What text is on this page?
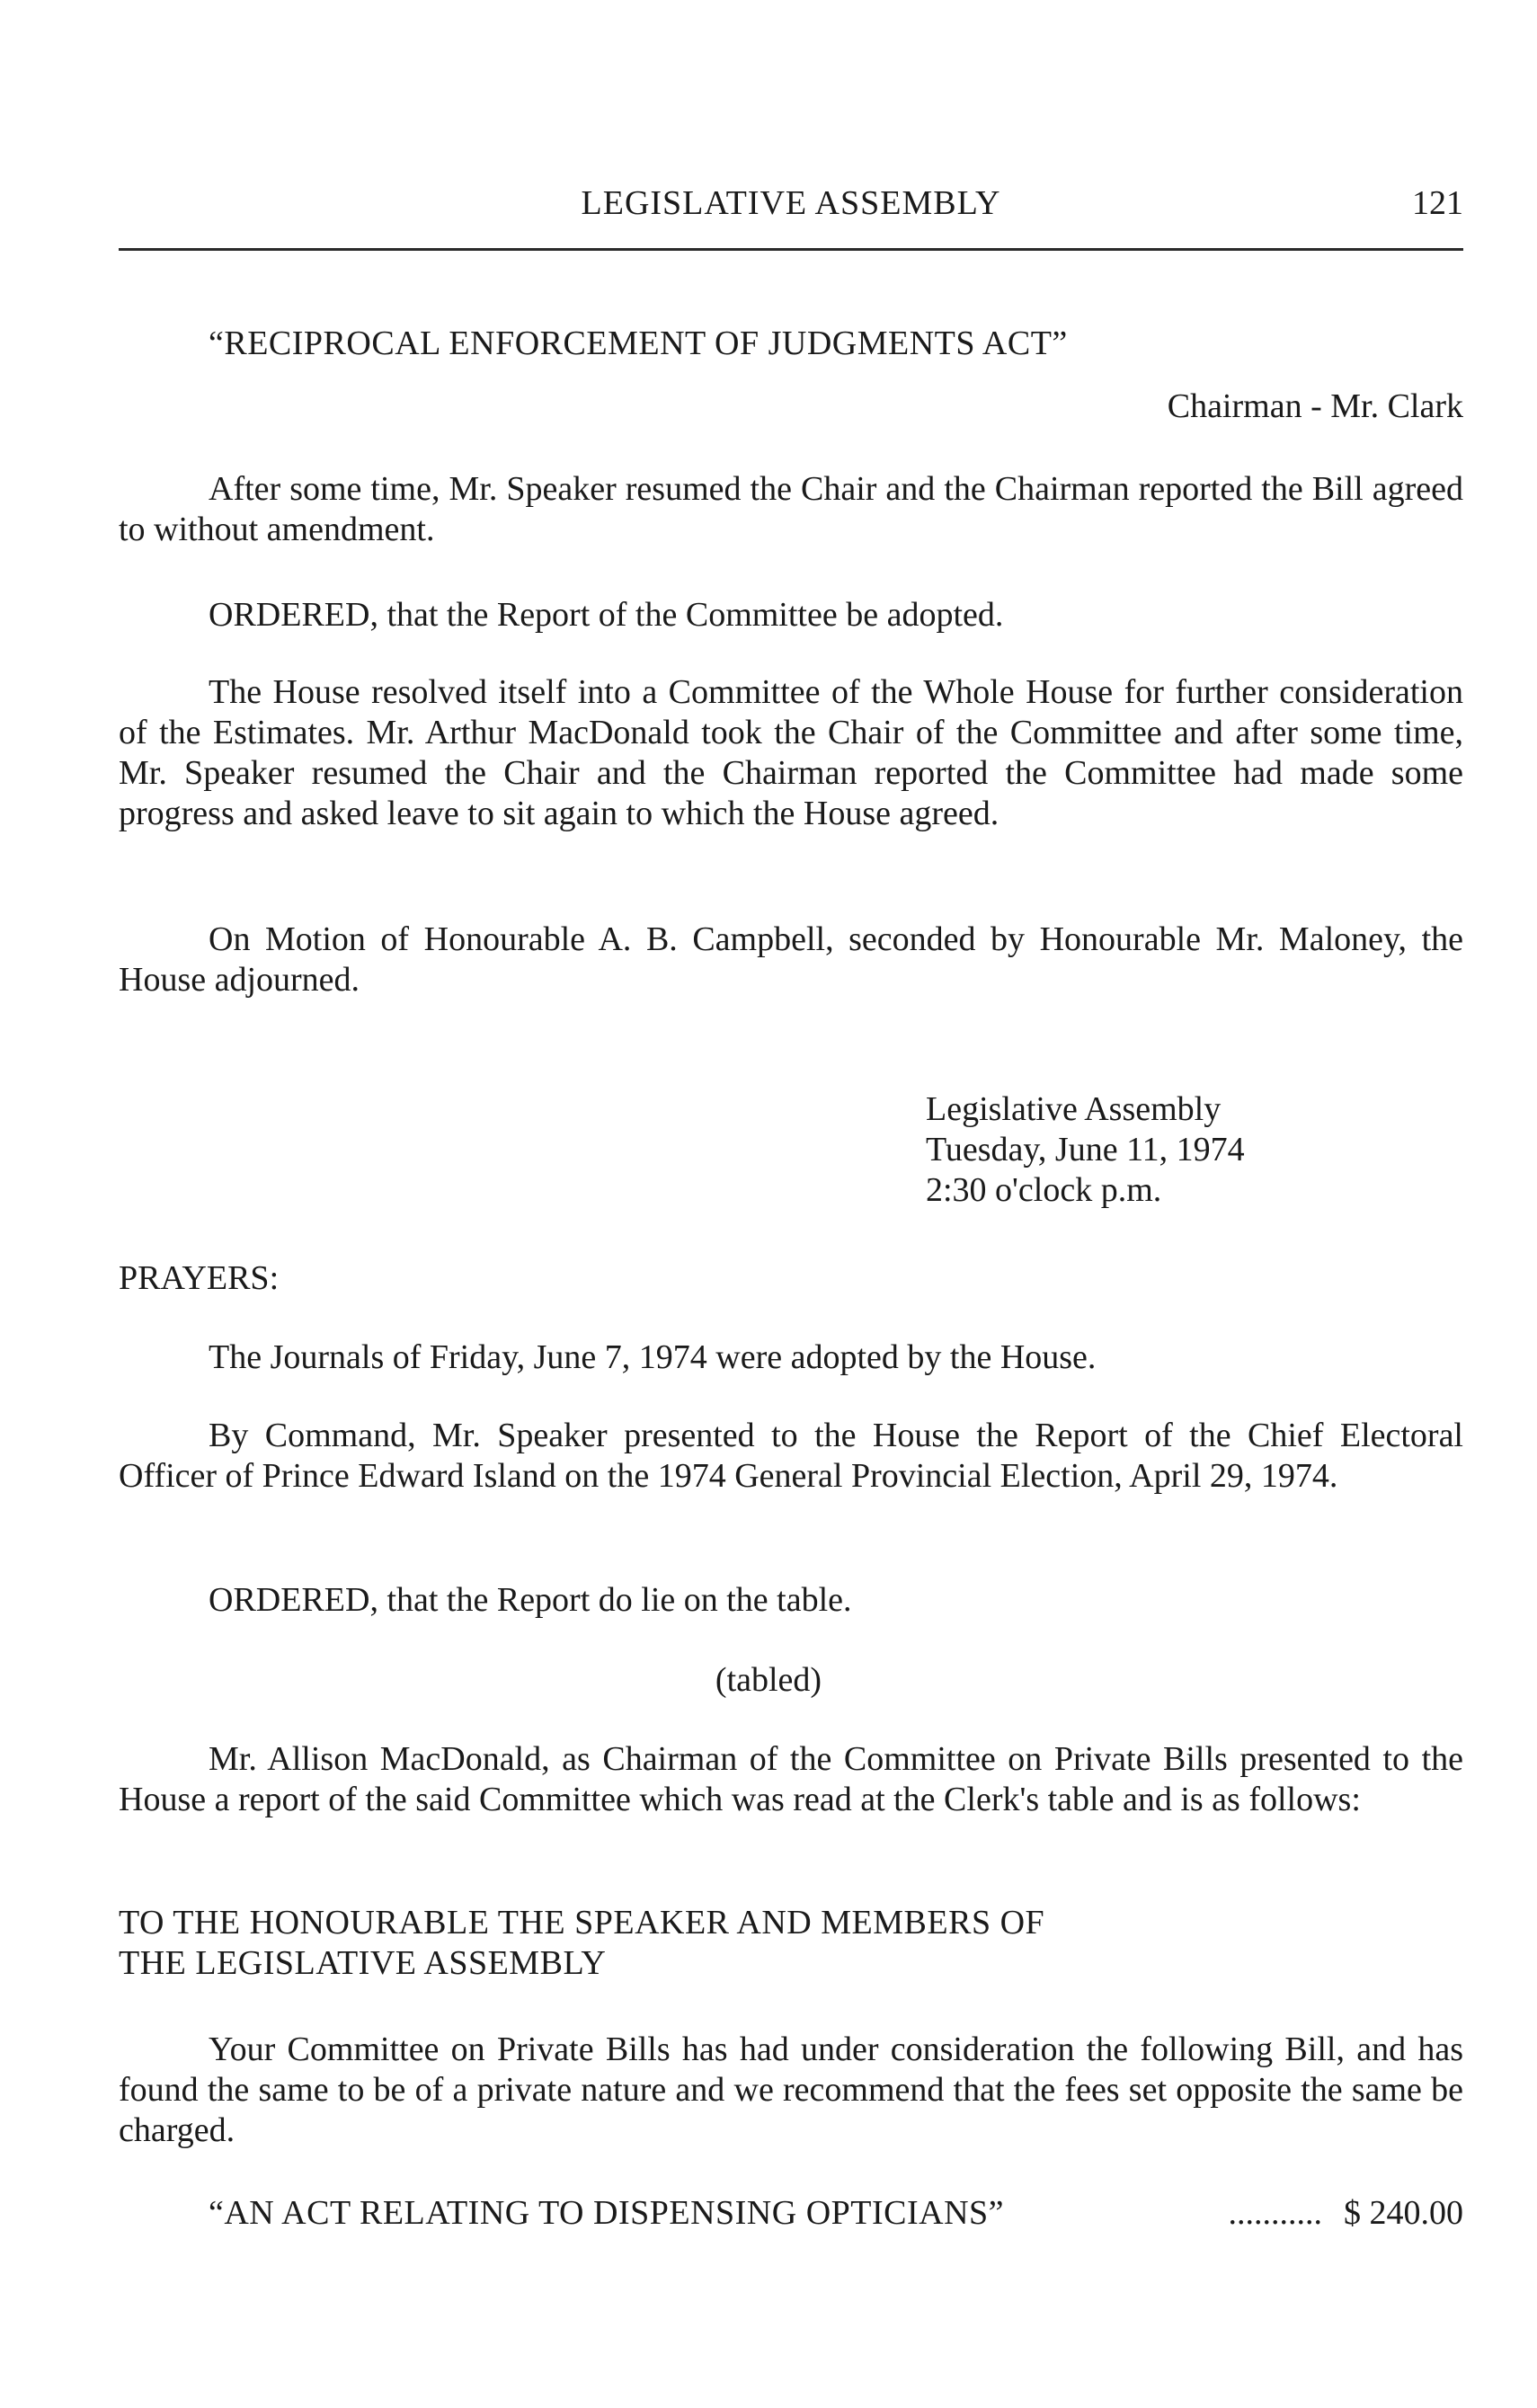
LEGISLATIVE ASSEMBLY	121
“RECIPROCAL ENFORCEMENT OF JUDGMENTS ACT”
Chairman - Mr. Clark
After some time, Mr. Speaker resumed the Chair and the Chairman reported the Bill agreed to without amendment.
ORDERED, that the Report of the Committee be adopted.
The House resolved itself into a Committee of the Whole House for further consideration of the Estimates. Mr. Arthur MacDonald took the Chair of the Committee and after some time, Mr. Speaker resumed the Chair and the Chairman reported the Committee had made some progress and asked leave to sit again to which the House agreed.
On Motion of Honourable A. B. Campbell, seconded by Honourable Mr. Maloney, the House adjourned.
Legislative Assembly
Tuesday, June 11, 1974
2:30 o'clock p.m.
PRAYERS:
The Journals of Friday, June 7, 1974 were adopted by the House.
By Command, Mr. Speaker presented to the House the Report of the Chief Electoral Officer of Prince Edward Island on the 1974 General Provincial Election, April 29, 1974.
ORDERED, that the Report do lie on the table.
(tabled)
Mr. Allison MacDonald, as Chairman of the Committee on Private Bills presented to the House a report of the said Committee which was read at the Clerk's table and is as follows:
TO THE HONOURABLE THE SPEAKER AND MEMBERS OF
THE LEGISLATIVE ASSEMBLY
Your Committee on Private Bills has had under consideration the following Bill, and has found the same to be of a private nature and we recommend that the fees set opposite the same be charged.
“AN ACT RELATING TO DISPENSING OPTICIANS”	........... $ 240.00
